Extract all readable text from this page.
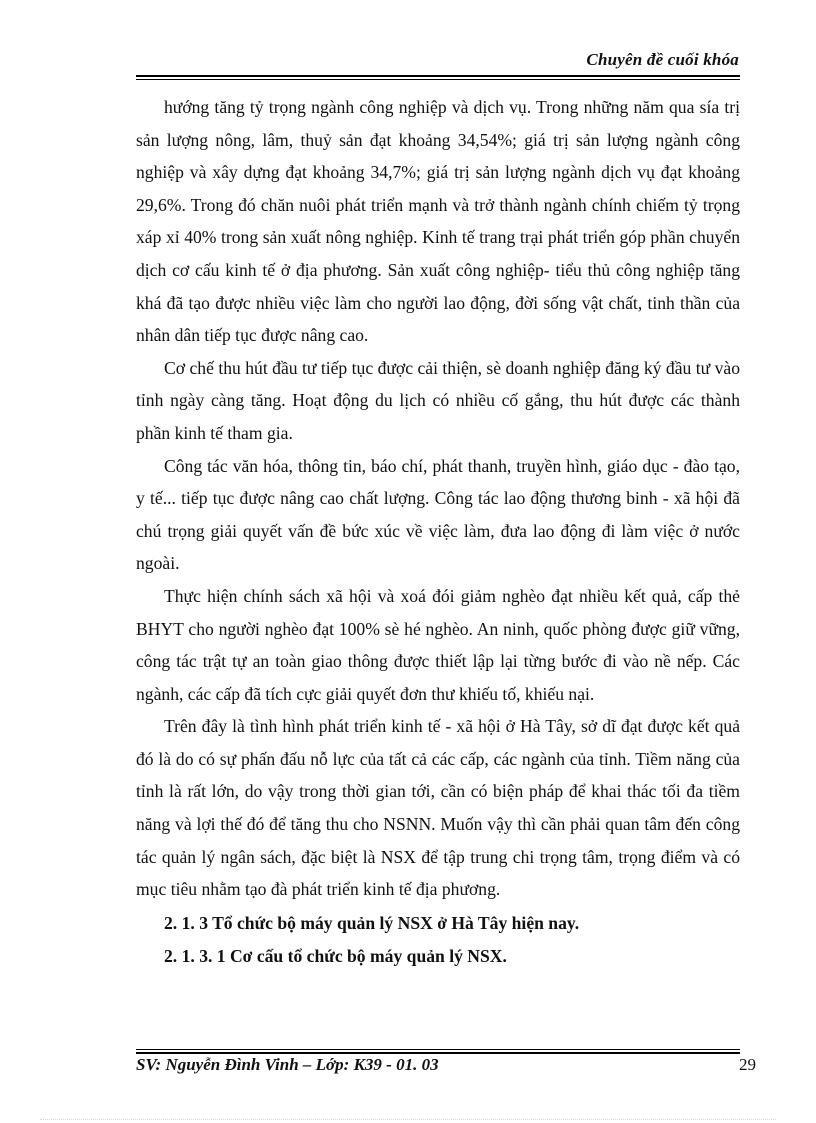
Chuyên đề cuối khóa

hướng tăng tỷ trọng ngành công nghiệp và dịch vụ. Trong những năm qua sía trị sản lượng nông, lâm, thuỷ sản đạt khoảng 34,54%; giá trị sản lượng ngành công nghiệp và xây dựng đạt khoảng 34,7%; giá trị sản lượng ngành dịch vụ đạt khoảng 29,6%. Trong đó chăn nuôi phát triển mạnh và trở thành ngành chính chiếm tỷ trọng xáp xỉ 40% trong sản xuất nông nghiệp. Kinh tế trang trại phát triển góp phần chuyển dịch cơ cấu kinh tế ở địa phương. Sản xuất công nghiệp- tiểu thủ công nghiệp tăng khá đã tạo được nhiều việc làm cho người lao động, đời sống vật chất, tinh thần của nhân dân tiếp tục được nâng cao.

Cơ chế thu hút đầu tư tiếp tục được cải thiện, sè doanh nghiệp đăng ký đầu tư vào tỉnh ngày càng tăng. Hoạt động du lịch có nhiều cố gắng, thu hút được các thành phần kinh tế tham gia.

Công tác văn hóa, thông tin, báo chí, phát thanh, truyền hình, giáo dục - đào tạo, y tế... tiếp tục được nâng cao chất lượng. Công tác lao động thương binh - xã hội đã chú trọng giải quyết vấn đề bức xúc về việc làm, đưa lao động đi làm việc ở nước ngoài.

Thực hiện chính sách xã hội và xoá đói giảm nghèo đạt nhiều kết quả, cấp thẻ BHYT cho người nghèo đạt 100% sè hé nghèo. An ninh, quốc phòng được giữ vững, công tác trật tự an toàn giao thông được thiết lập lại từng bước đi vào nề nếp. Các ngành, các cấp đã tích cực giải quyết đơn thư khiếu tố, khiếu nại.

Trên đây là tình hình phát triển kinh tế - xã hội ở Hà Tây, sở dĩ đạt được kết quả đó là do có sự phấn đấu nỗ lực của tất cả các cấp, các ngành của tỉnh. Tiềm năng của tỉnh là rất lớn, do vậy trong thời gian tới, cần có biện pháp để khai thác tối đa tiềm năng và lợi thế đó để tăng thu cho NSNN. Muốn vậy thì cần phải quan tâm đến công tác quản lý ngân sách, đặc biệt là NSX để tập trung chi trọng tâm, trọng điểm và có mục tiêu nhằm tạo đà phát triển kinh tế địa phương.

2. 1. 3 Tổ chức bộ máy quản lý NSX ở Hà Tây hiện nay.

2. 1. 3. 1 Cơ cấu tổ chức bộ máy quản lý NSX.

SV: Nguyễn Đình Vinh – Lớp: K39 - 01. 03	29
